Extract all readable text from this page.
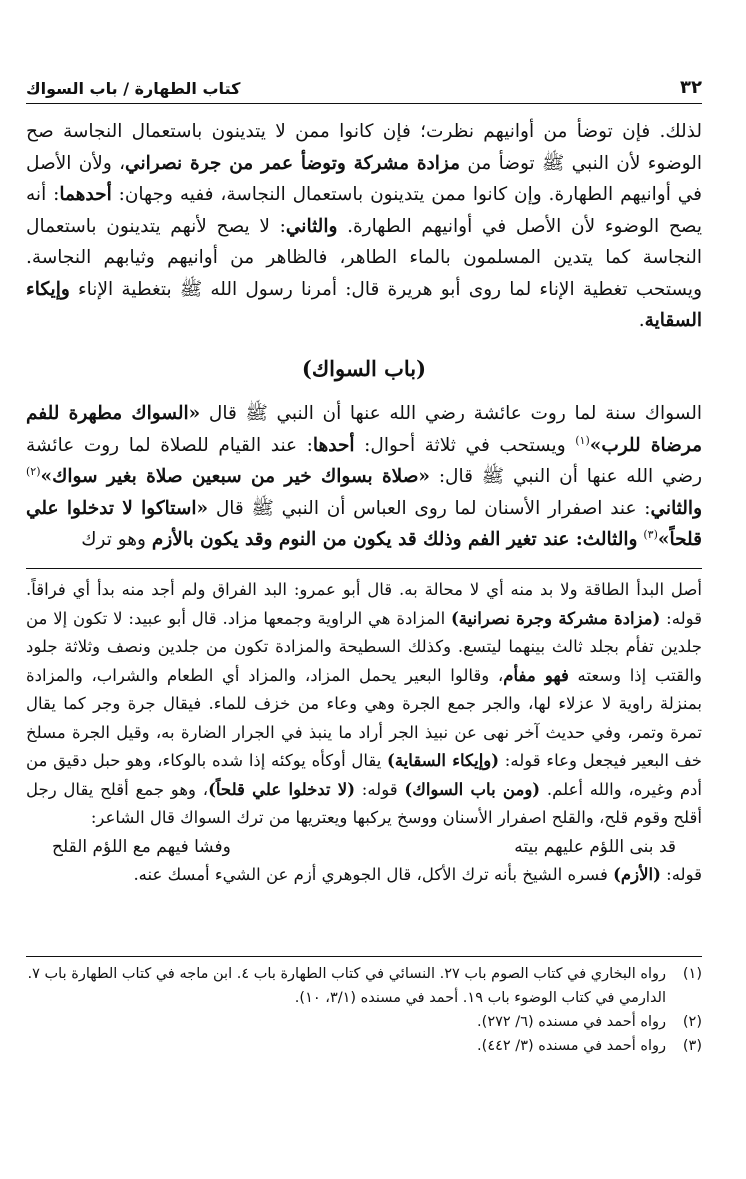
٣٢
كتاب الطهارة / باب السواك

لذلك. فإن توضأ من أوانيهم نظرت؛ فإن كانوا ممن لا يتدينون باستعمال النجاسة صح الوضوء لأن النبي ﷺ توضأ من مزادة مشركة وتوضأ عمر من جرة نصراني، ولأن الأصل في أوانيهم الطهارة. وإن كانوا ممن يتدينون باستعمال النجاسة، ففيه وجهان: أحدهما: أنه يصح الوضوء لأن الأصل في أوانيهم الطهارة. والثاني: لا يصح لأنهم يتدينون باستعمال النجاسة كما يتدين المسلمون بالماء الطاهر، فالظاهر من أوانيهم وثيابهم النجاسة. ويستحب تغطية الإناء لما روى أبو هريرة قال: أمرنا رسول الله ﷺ بتغطية الإناء وإيكاء السقاية.

(باب السواك)

السواك سنة لما روت عائشة رضي الله عنها أن النبي ﷺ قال «السواك مطهرة للفم مرضاة للرب»$^{(١)}$ ويستحب في ثلاثة أحوال: أحدها: عند القيام للصلاة لما روت عائشة رضي الله عنها أن النبي ﷺ قال: «صلاة بسواك خير من سبعين صلاة بغير سواك»$^{(٢)}$ والثاني: عند اصفرار الأسنان لما روى العباس أن النبي ﷺ قال «استاكوا لا تدخلوا علي قلحاً»$^{(٣)}$ والثالث: عند تغير الفم وذلك قد يكون من النوم وقد يكون بالأزم وهو ترك

أصل البدأ الطاقة ولا بد منه أي لا محالة به. قال أبو عمرو: البد الفراق ولم أجد منه بدأ أي فراقاً. قوله: (مزادة مشركة وجرة نصرانية) المزادة هي الراوية وجمعها مزاد. قال أبو عبيد: لا تكون إلا من جلدين تفأم بجلد ثالث بينهما ليتسع. وكذلك السطيحة والمزادة تكون من جلدين ونصف وثلاثة جلود والقتب إذا وسعته فهو مفأم، وقالوا البعير يحمل المزاد، والمزاد أي الطعام والشراب، والمزادة بمنزلة راوية لا عزلاء لها، والجر جمع الجرة وهي وعاء من خزف للماء. فيقال جرة وجر كما يقال تمرة وتمر، وفي حديث آخر نهى عن نبيذ الجر أراد ما ينبذ في الجرار الضارة به، وقيل الجرة مسلخ خف البعير فيجعل وعاء قوله: (وإيكاء السقاية) يقال أوكأه يوكئه إذا شده بالوكاء، وهو حبل دقيق من أدم وغيره، والله أعلم. (ومن باب السواك) قوله: (لا تدخلوا علي قلحاً)، وهو جمع أقلح يقال رجل أقلح وقوم قلح، والقلح اصفرار الأسنان ووسخ يركبها ويعتريها من ترك السواك قال الشاعر:

قد بنى اللؤم عليهم بيته
وفشا فيهم مع اللؤم القلح

قوله: (الأزم) فسره الشيخ بأنه ترك الأكل، قال الجوهري أزم عن الشيء أمسك عنه.

(١)
رواه البخاري في كتاب الصوم باب ٢٧. النسائي في كتاب الطهارة باب ٤. ابن ماجه في كتاب الطهارة باب ٧. الدارمي في كتاب الوضوء باب ١٩. أحمد في مسنده (٣/١، ١٠).
(٢)
رواه أحمد في مسنده (٦/ ٢٧٢).
(٣)
رواه أحمد في مسنده (٣/ ٤٤٢).
